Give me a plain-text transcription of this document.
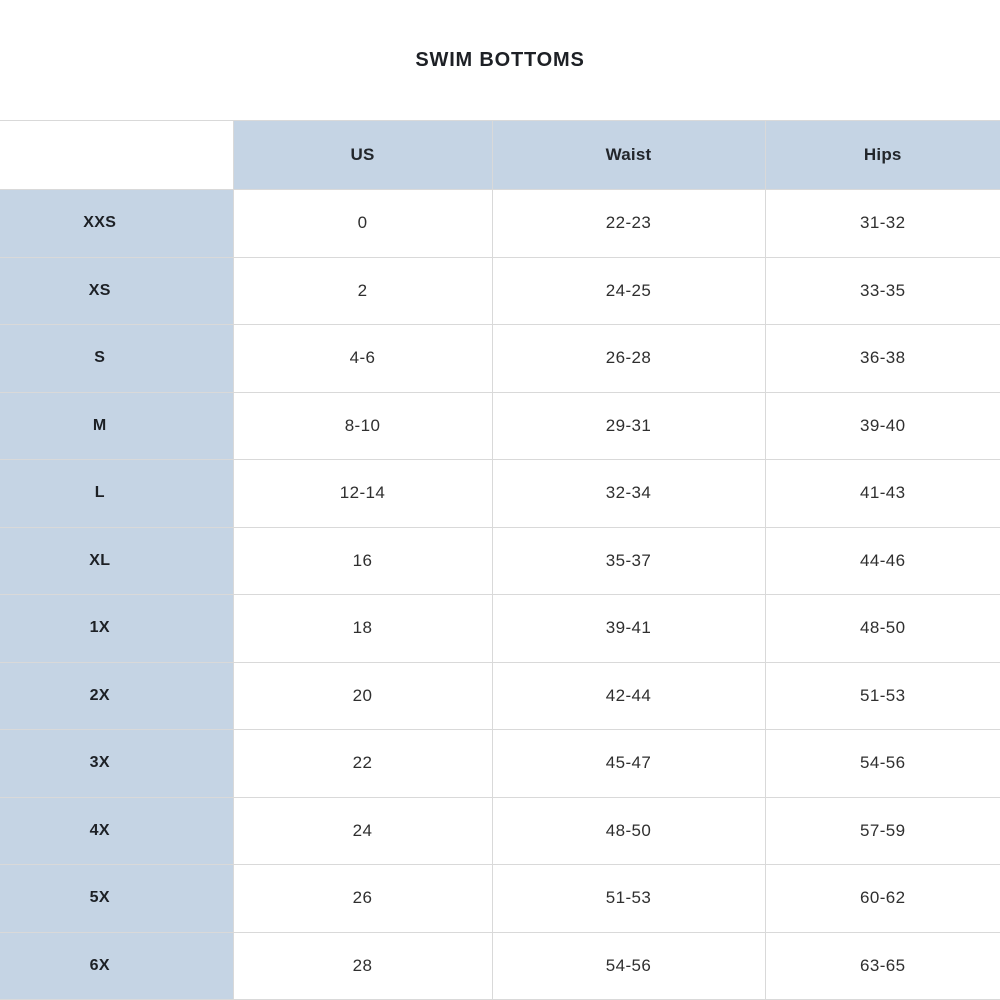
SWIM BOTTOMS
	US	Waist	Hips
XXS	0	22-23	31-32
XS	2	24-25	33-35
S	4-6	26-28	36-38
M	8-10	29-31	39-40
L	12-14	32-34	41-43
XL	16	35-37	44-46
1X	18	39-41	48-50
2X	20	42-44	51-53
3X	22	45-47	54-56
4X	24	48-50	57-59
5X	26	51-53	60-62
6X	28	54-56	63-65
